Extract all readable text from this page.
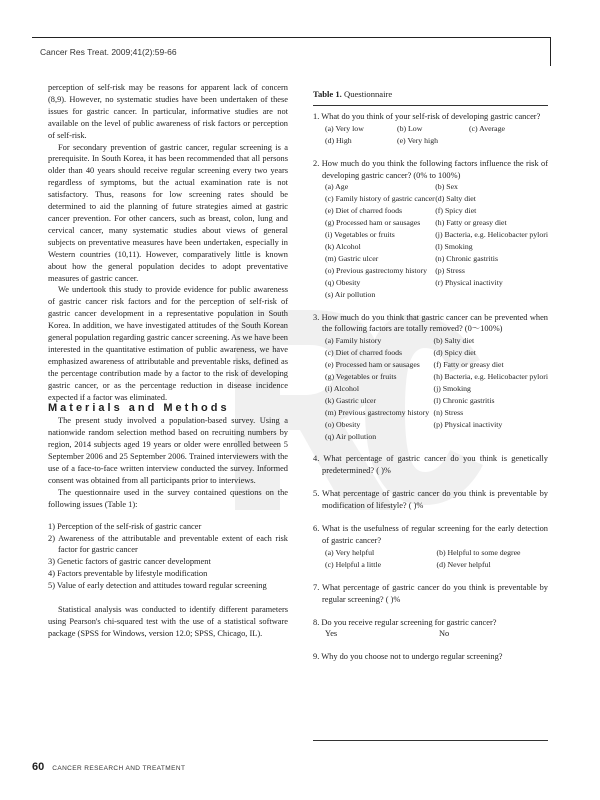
Cancer Res Treat. 2009;41(2):59-66

perception of self-risk may be reasons for apparent lack of concern (8,9). However, no systematic studies have been undertaken of these issues for gastric cancer. In particular, informative studies are not available on the level of public awareness of risk factors or perception of self-risk.

For secondary prevention of gastric cancer, regular screening is a prerequisite. In South Korea, it has been recommended that all persons older than 40 years should receive regular screening every two years regardless of symptoms, but the actual examination rate is not satisfactory. Thus, reasons for low screening rates should be determined to aid the planning of future strategies aimed at gastric cancer prevention. For other cancers, such as breast, colon, lung and cervical cancer, many systematic studies about views of general subjects on preventative measures have been undertaken, especially in Western countries (10,11). However, comparatively little is known about how the general population decides to adopt preventative measures of gastric cancer.

We undertook this study to provide evidence for public awareness of gastric cancer risk factors and for the perception of self-risk of gastric cancer development in a representative population in South Korea. In addition, we have investigated attitudes of the South Korean general population regarding gastric cancer screening. As we have been interested in the quantitative estimation of public awareness, we have emphasized awareness of attributable and preventable risks, defined as the percentage contribution made by a factor to the risk of developing gastric cancer, or as the percentage reduction in disease incidence expected if a factor was eliminated.

Materials and Methods

The present study involved a population-based survey. Using a nationwide random selection method based on recruiting numbers by region, 2014 subjects aged 19 years or older were enrolled between 5 September 2006 and 25 September 2006. Trained interviewers with the use of a face-to-face written interview conducted the survey. Informed consent was obtained from all participants prior to interviews.

The questionnaire used in the survey contained questions on the following issues (Table 1):

1) Perception of the self-risk of gastric cancer
2) Awareness of the attributable and preventable extent of each risk factor for gastric cancer
3) Genetic factors of gastric cancer development
4) Factors preventable by lifestyle modification
5) Value of early detection and attitudes toward regular screening

Statistical analysis was conducted to identify different parameters using Pearson's chi-squared test with the use of a statistical software package (SPSS for Windows, version 12.0; SPSS, Chicago, IL).

Table 1. Questionnaire
1. What do you think of your self-risk of developing gastric cancer?
(a) Very low	(b) Low	(c) Average
(d) High	(e) Very high
2. How much do you think the following factors influence the risk of developing gastric cancer? (0% to 100%)
(a) Age	(b) Sex
(c) Family history of gastric cancer (d) Salty diet
(e) Diet of charred foods	(f) Spicy diet
(g) Processed ham or sausages	(h) Fatty or greasy diet
(i) Vegetables or fruits	(j) Bacteria, e.g. Helicobacter pylori
(k) Alcohol	(l) Smoking
(m) Gastric ulcer	(n) Chronic gastritis
(o) Previous gastrectomy history	(p) Stress
(q) Obesity	(r) Physical inactivity
(s) Air pollution
3. How much do you think that gastric cancer can be prevented when the following factors are totally removed? (0～100%)
(a) Family history	(b) Salty diet
(c) Diet of charred foods	(d) Spicy diet
(e) Processed ham or sausages	(f) Fatty or greasy diet
(g) Vegetables or fruits	(h) Bacteria, e.g. Helicobacter pylori
(i) Alcohol	(j) Smoking
(k) Gastric ulcer	(l) Chronic gastritis
(m) Previous gastrectomy history (n) Stress
(o) Obesity	(p) Physical inactivity
(q) Air pollution
4. What percentage of gastric cancer do you think is genetically predetermined? ( )%
5. What percentage of gastric cancer do you think is preventable by modification of lifestyle? ( )%
6. What is the usefulness of regular screening for the early detection of gastric cancer?
(a) Very helpful	(b) Helpful to some degree
(c) Helpful a little	(d) Never helpful
7. What percentage of gastric cancer do you think is preventable by regular screening? ( )%
8. Do you receive regular screening for gastric cancer?
Yes	No
9. Why do you choose not to undergo regular screening?
60 CANCER RESEARCH AND TREATMENT
